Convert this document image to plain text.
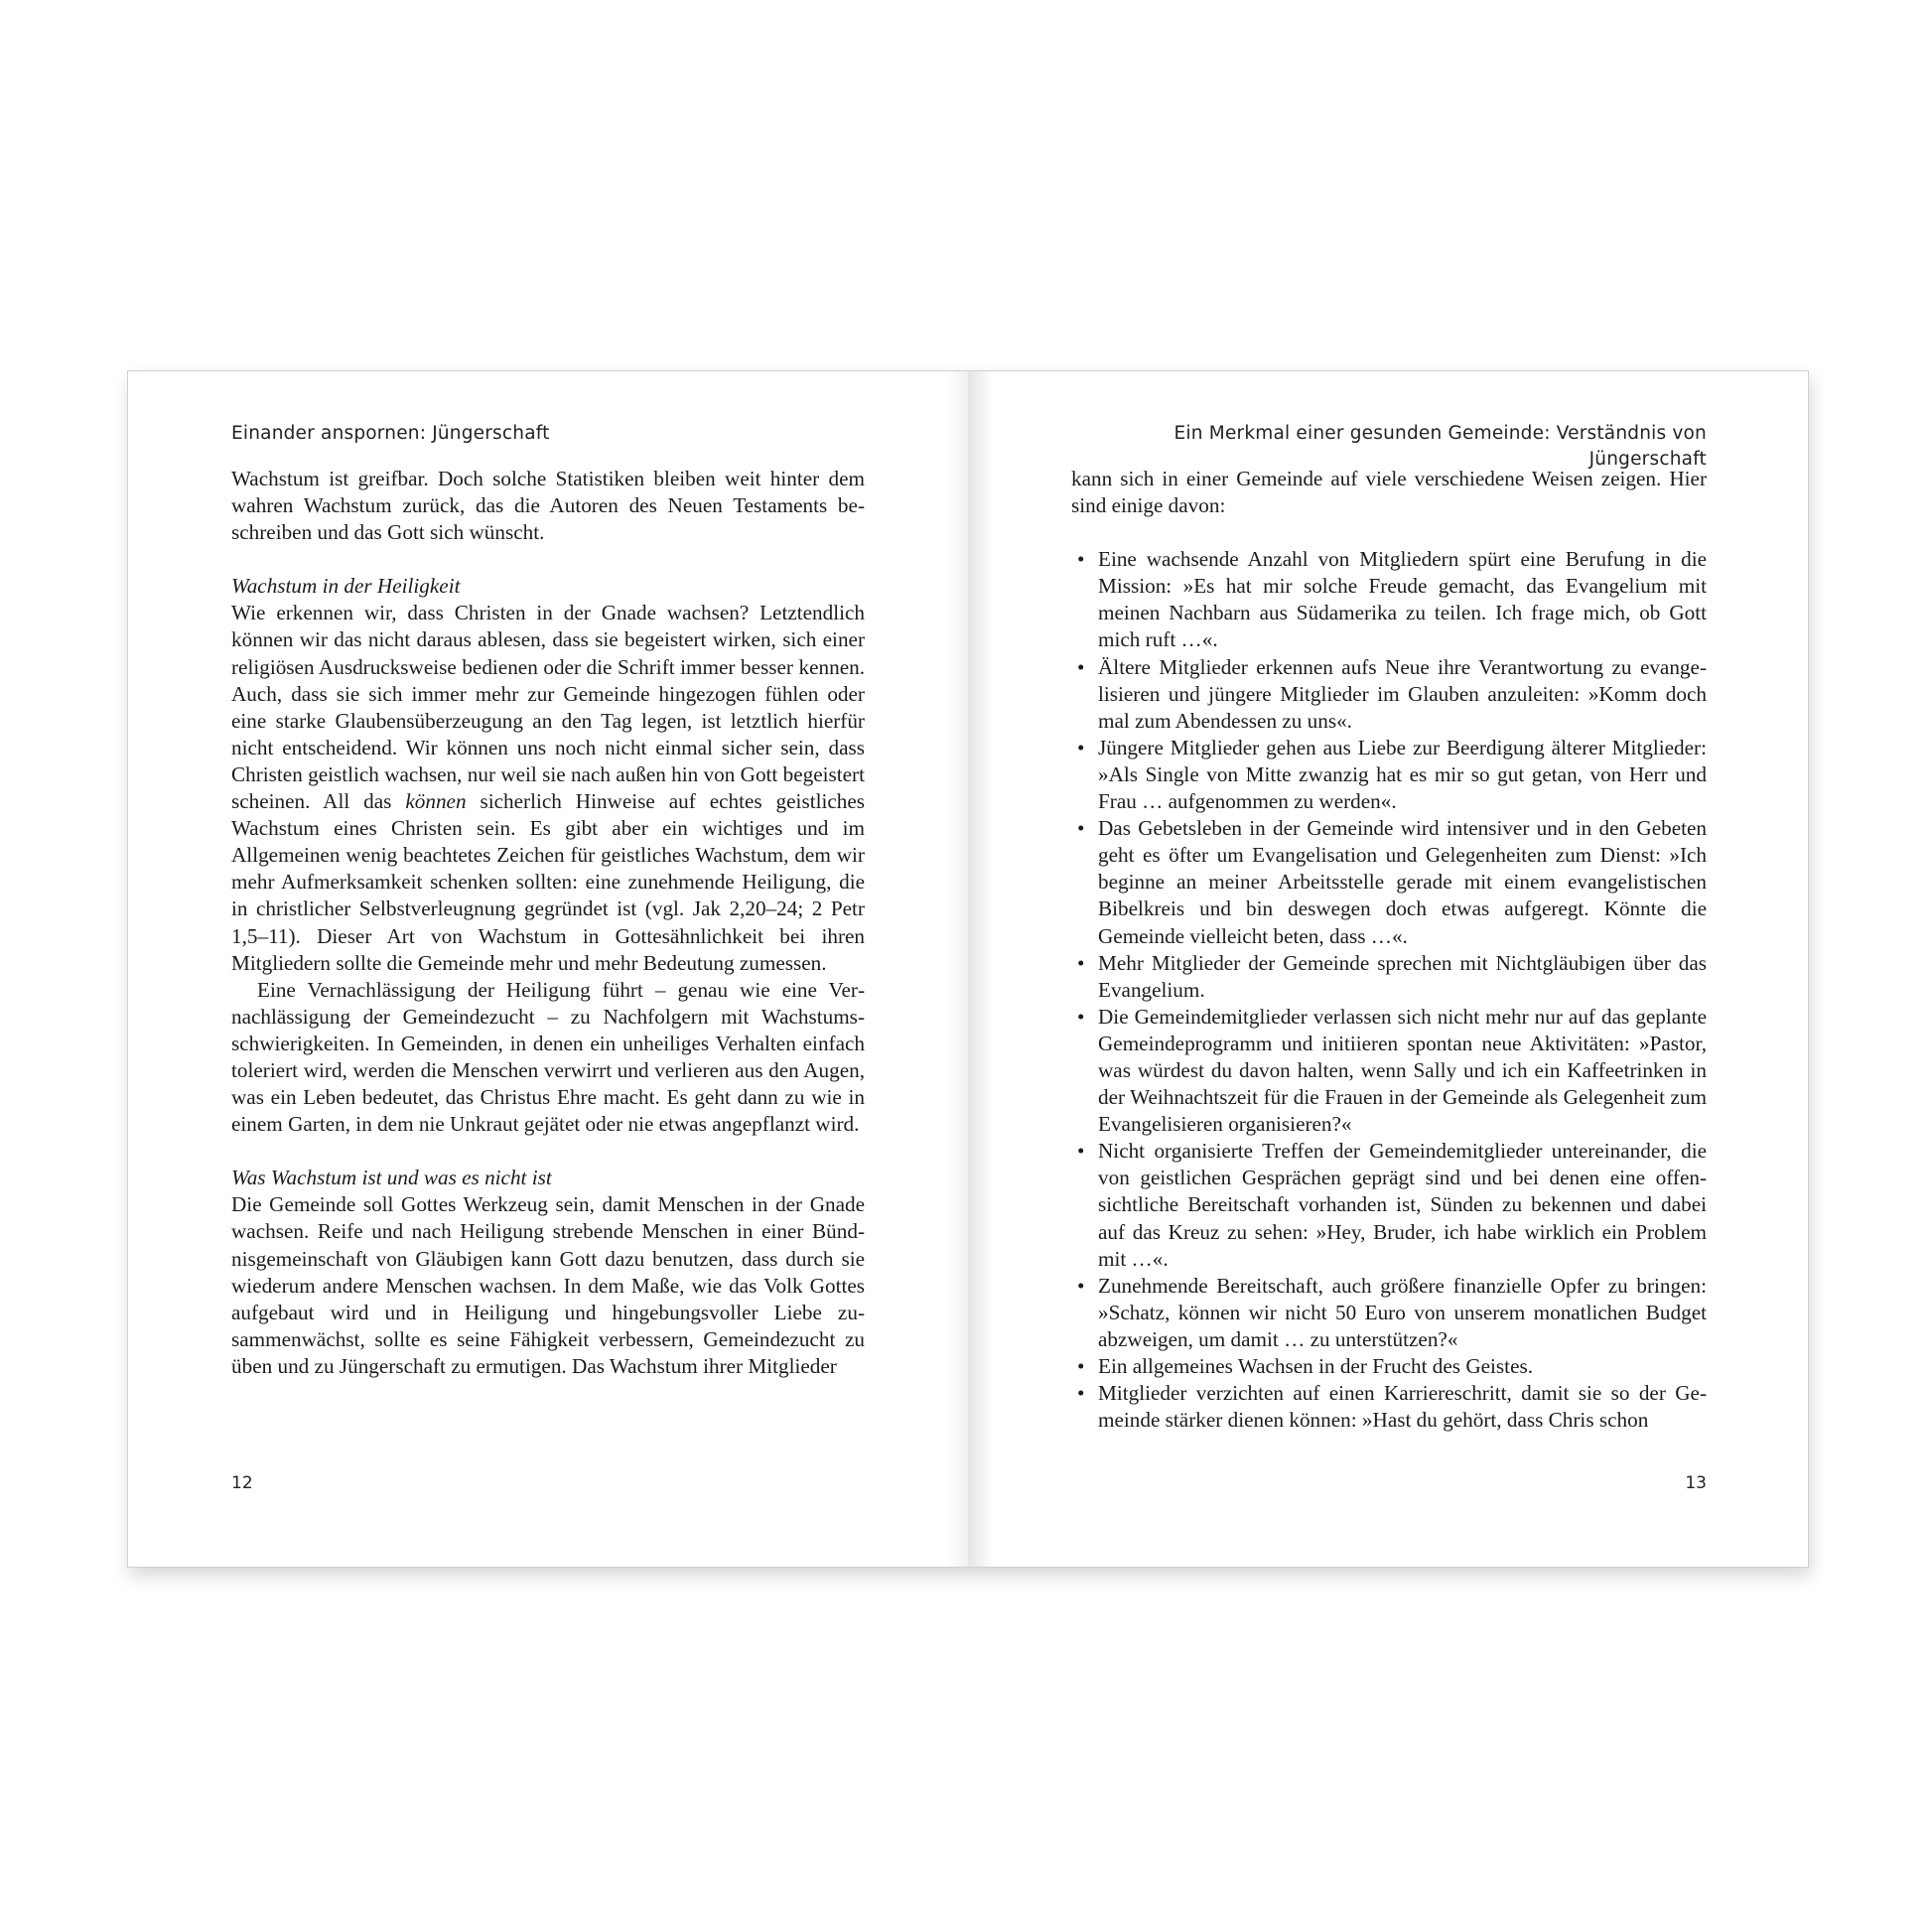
Einander anspornen: Jüngerschaft

Wachstum ist greifbar. Doch solche Statistiken bleiben weit hinter dem wahren Wachstum zurück, das die Autoren des Neuen Testaments beschreiben und das Gott sich wünscht.

Wachstum in der Heiligkeit

Wie erkennen wir, dass Christen in der Gnade wachsen? Letztendlich können wir das nicht daraus ablesen, dass sie begeistert wirken, sich einer religiösen Ausdrucksweise bedienen oder die Schrift immer besser kennen. Auch, dass sie sich immer mehr zur Gemeinde hingezogen fühlen oder eine starke Glaubensüberzeugung an den Tag legen, ist letztlich hierfür nicht entscheidend. Wir können uns noch nicht einmal sicher sein, dass Christen geistlich wachsen, nur weil sie nach außen hin von Gott begeistert scheinen. All das können sicherlich Hinweise auf echtes geistliches Wachstum eines Christen sein. Es gibt aber ein wichtiges und im Allgemeinen wenig beachtetes Zeichen für geistliches Wachstum, dem wir mehr Aufmerksamkeit schenken sollten: eine zunehmende Heiligung, die in christlicher Selbstverleugnung gegründet ist (vgl. Jak 2,20–24; 2 Petr 1,5–11). Dieser Art von Wachstum in Gottesähnlichkeit bei ihren Mitgliedern sollte die Gemeinde mehr und mehr Bedeutung zumessen.

Eine Vernachlässigung der Heiligung führt – genau wie eine Vernachlässigung der Gemeindezucht – zu Nachfolgern mit Wachstumsschwierigkeiten. In Gemeinden, in denen ein unheiliges Verhalten einfach toleriert wird, werden die Menschen verwirrt und verlieren aus den Augen, was ein Leben bedeutet, das Christus Ehre macht. Es geht dann zu wie in einem Garten, in dem nie Unkraut gejätet oder nie etwas angepflanzt wird.

Was Wachstum ist und was es nicht ist

Die Gemeinde soll Gottes Werkzeug sein, damit Menschen in der Gnade wachsen. Reife und nach Heiligung strebende Menschen in einer Bündnisgemeinschaft von Gläubigen kann Gott dazu benutzen, dass durch sie wiederum andere Menschen wachsen. In dem Maße, wie das Volk Gottes aufgebaut wird und in Heiligung und hingebungsvoller Liebe zusammenwächst, sollte es seine Fähigkeit verbessern, Gemeindezucht zu üben und zu Jüngerschaft zu ermutigen. Das Wachstum ihrer Mitglieder

12
Ein Merkmal einer gesunden Gemeinde: Verständnis von Jüngerschaft

kann sich in einer Gemeinde auf viele verschiedene Weisen zeigen. Hier sind einige davon:

• Eine wachsende Anzahl von Mitgliedern spürt eine Berufung in die Mission: »Es hat mir solche Freude gemacht, das Evangelium mit meinen Nachbarn aus Südamerika zu teilen. Ich frage mich, ob Gott mich ruft …«.
• Ältere Mitglieder erkennen aufs Neue ihre Verantwortung zu evangelisieren und jüngere Mitglieder im Glauben anzuleiten: »Komm doch mal zum Abendessen zu uns«.
• Jüngere Mitglieder gehen aus Liebe zur Beerdigung älterer Mitglieder: »Als Single von Mitte zwanzig hat es mir so gut getan, von Herr und Frau … aufgenommen zu werden«.
• Das Gebetsleben in der Gemeinde wird intensiver und in den Gebeten geht es öfter um Evangelisation und Gelegenheiten zum Dienst: »Ich beginne an meiner Arbeitsstelle gerade mit einem evangelistischen Bibelkreis und bin deswegen doch etwas aufgeregt. Könnte die Gemeinde vielleicht beten, dass …«.
• Mehr Mitglieder der Gemeinde sprechen mit Nichtgläubigen über das Evangelium.
• Die Gemeindemitglieder verlassen sich nicht mehr nur auf das geplante Gemeindeprogramm und initiieren spontan neue Aktivitäten: »Pastor, was würdest du davon halten, wenn Sally und ich ein Kaffeetrinken in der Weihnachtszeit für die Frauen in der Gemeinde als Gelegenheit zum Evangelisieren organisieren?«
• Nicht organisierte Treffen der Gemeindemitglieder untereinander, die von geistlichen Gesprächen geprägt sind und bei denen eine offensichtliche Bereitschaft vorhanden ist, Sünden zu bekennen und dabei auf das Kreuz zu sehen: »Hey, Bruder, ich habe wirklich ein Problem mit …«.
• Zunehmende Bereitschaft, auch größere finanzielle Opfer zu bringen: »Schatz, können wir nicht 50 Euro von unserem monatlichen Budget abzweigen, um damit … zu unterstützen?«
• Ein allgemeines Wachsen in der Frucht des Geistes.
• Mitglieder verzichten auf einen Karriereschritt, damit sie so der Gemeinde stärker dienen können: »Hast du gehört, dass Chris schon
13
